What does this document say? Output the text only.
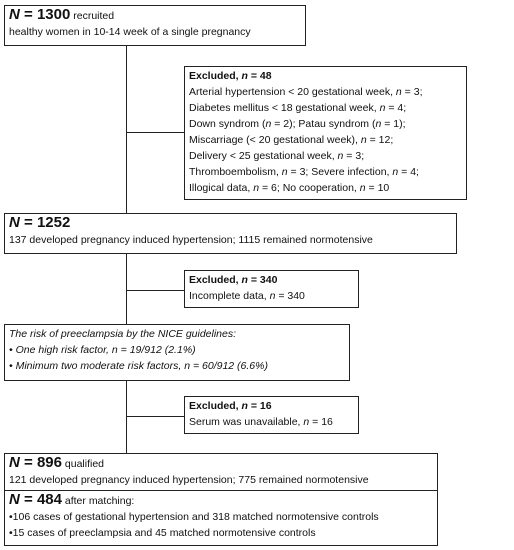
N = 1300 recruited
healthy women in 10-14 week of a single pregnancy
Excluded, n = 48
Arterial hypertension < 20 gestational week, n = 3;
Diabetes mellitus < 18 gestational week, n = 4;
Down syndrom (n = 2); Patau syndrom (n = 1);
Miscarriage (< 20 gestational week), n = 12;
Delivery < 25 gestational week, n = 3;
Thromboembolism, n = 3; Severe infection, n = 4;
Illogical data, n = 6; No cooperation, n = 10
N = 1252
137 developed pregnancy induced hypertension; 1115 remained normotensive
Excluded, n = 340
Incomplete data, n = 340
The risk of preeclampsia by the NICE guidelines:
• One high risk factor, n = 19/912 (2.1%)
• Minimum two moderate risk factors, n = 60/912 (6.6%)
Excluded, n = 16
Serum was unavailable, n = 16
N = 896 qualified
121 developed pregnancy induced hypertension; 775 remained normotensive
N = 484 after matching:
•106 cases of gestational hypertension and 318 matched normotensive controls
•15 cases of preeclampsia and 45 matched normotensive controls
